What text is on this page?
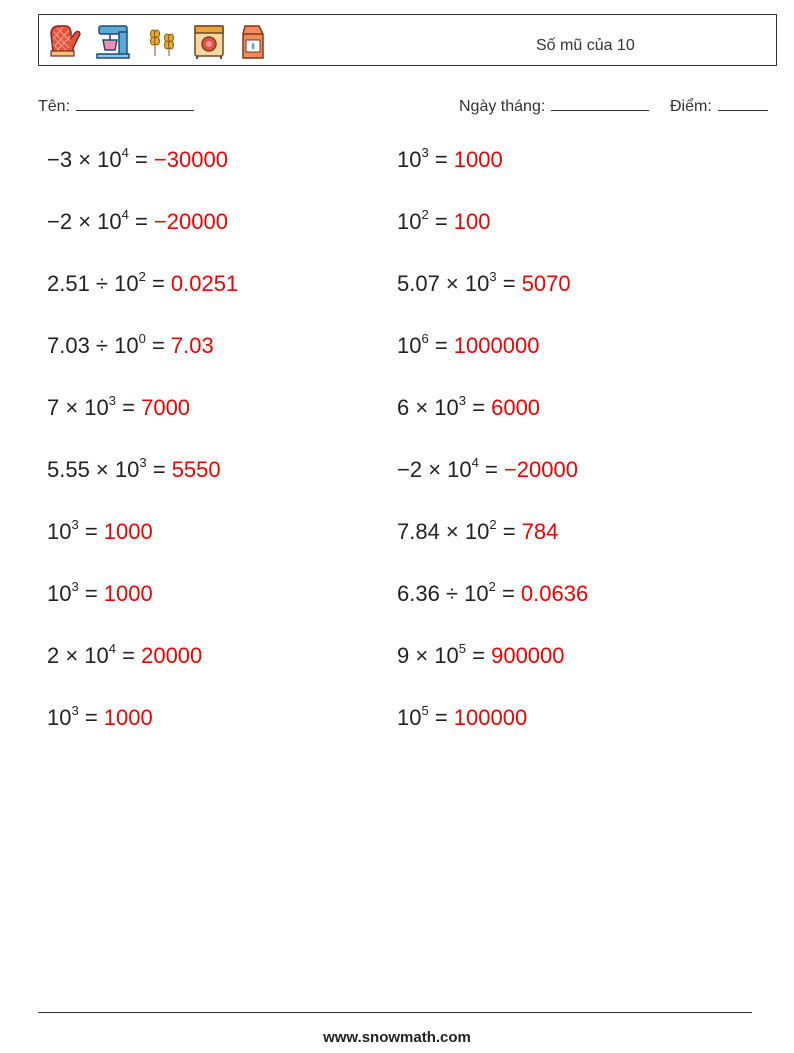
Số mũ của 10
Tên:	Ngày tháng:	Điểm:
$-3 \times 10^4 = -30000$
$-2 \times 10^4 = -20000$
$2.51 \div 10^2 = 0.0251$
$7.03 \div 10^0 = 7.03$
$7 \times 10^3 = 7000$
$5.55 \times 10^3 = 5550$
$10^3 = 1000$
$10^3 = 1000$
$2 \times 10^4 = 20000$
$10^3 = 1000$
$10^3 = 1000$
$10^2 = 100$
$5.07 \times 10^3 = 5070$
$10^6 = 1000000$
$6 \times 10^3 = 6000$
$-2 \times 10^4 = -20000$
$7.84 \times 10^2 = 784$
$6.36 \div 10^2 = 0.0636$
$9 \times 10^5 = 900000$
$10^5 = 100000$
www.snowmath.com
